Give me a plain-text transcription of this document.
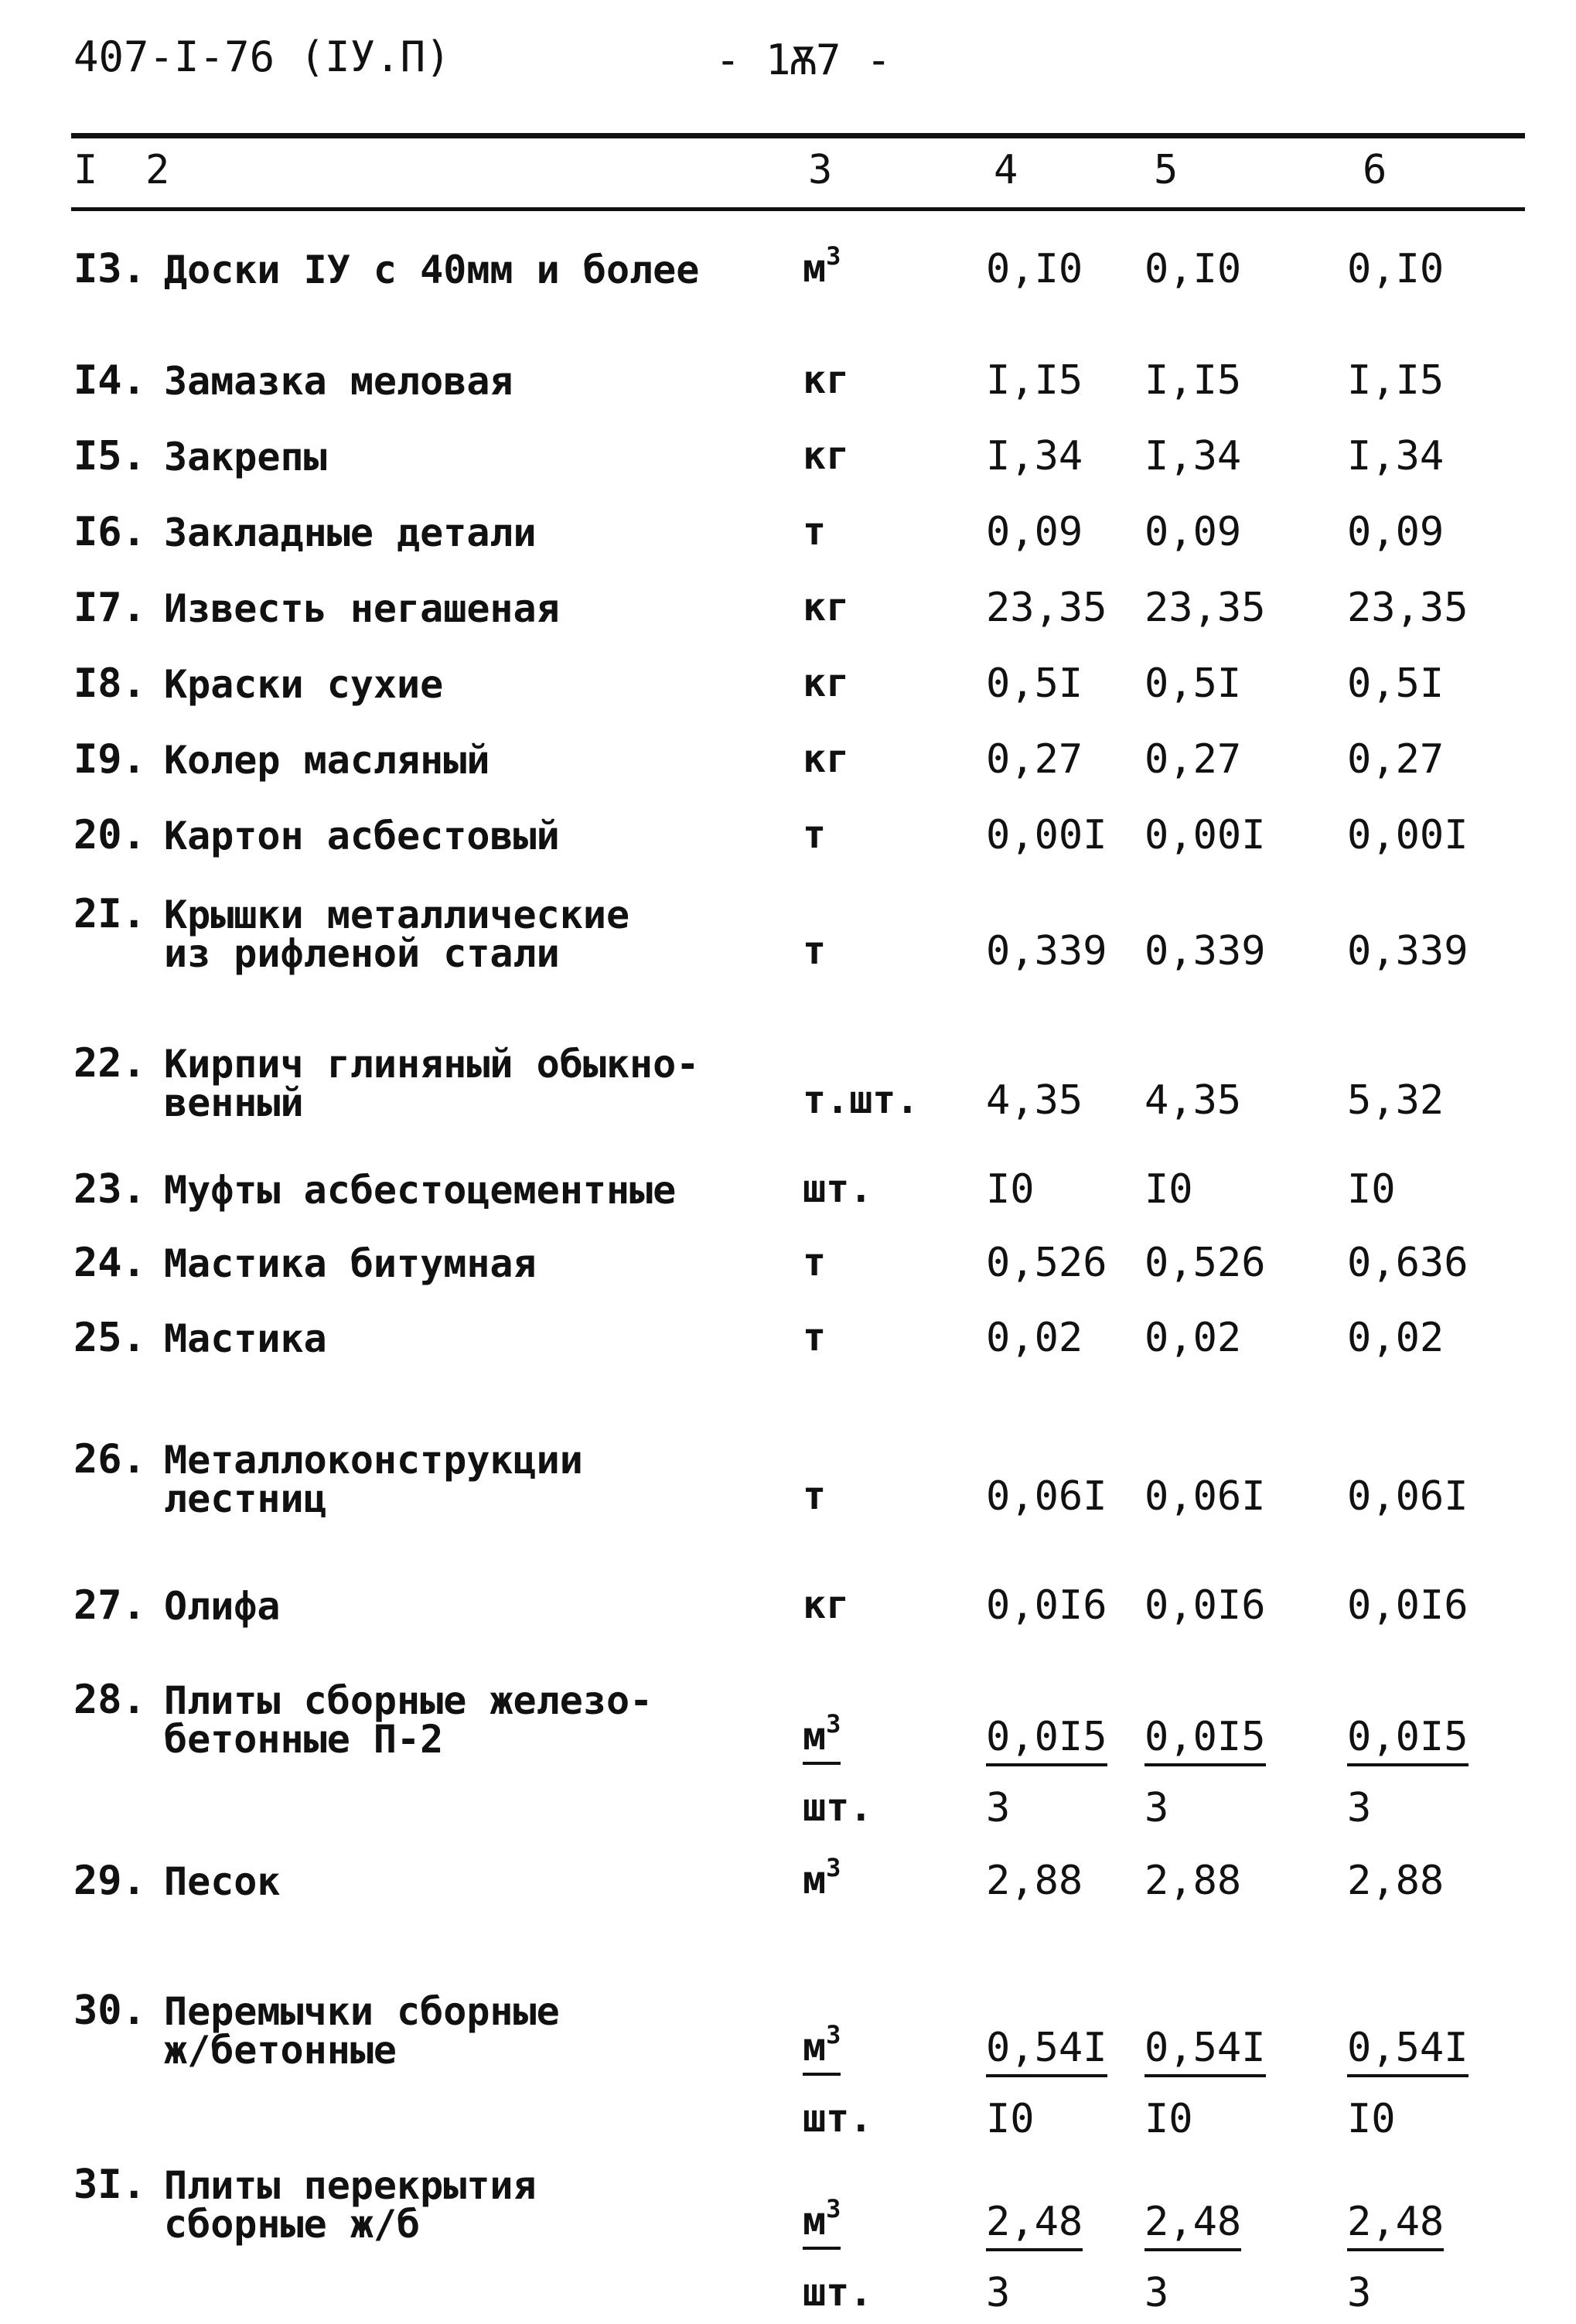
407-I-76 (IУ.П)	- 1Ѫ7 -
I 2	3	4	5	6
I3. Доски IУ с 40мм и более	$м^3$	0,I0 0,I0	0,I0
I4. Замазка меловая	кг	I,I5 I,I5	I,I5
I5. Закрепы	кг	I,34 I,34	I,34
I6. Закладные детали	т	0,09 0,09	0,09
I7. Известь негашеная	кг	23,35 23,35 23,35
I8. Краски сухие	кг	0,5I 0,5I	0,5I
I9. Колер масляный	кг	0,27 0,27	0,27
20. Картон асбестовый	т	0,00I 0,00I 0,00I
2I. Крышки металлические
из рифленой стали	т	0,339 0,339 0,339
22. Кирпич глиняный обыкно-
венный	т.шт. 4,35 4,35	5,32
23. Муфты асбестоцементные	шт.	I0	I0	I0
24. Мастика битумная	т	0,526 0,526 0,636
25. Мастика	т	0,02 0,02	0,02
26. Металлоконструкции
лестниц	т	0,06I 0,06I 0,06I
27. Олифа	кг	0,0I6 0,0I6 0,0I6
28. Плиты сборные железо-
бетонные П-2	$м^3$	0,0I5 0,0I5 0,0I5
шт.	3	3	3
29. Песок	$м^3$	2,88 2,88	2,88
30. Перемычки сборные
ж/бетонные	$м^3$	0,54I 0,54I 0,54I
шт.	I0	I0	I0
3I. Плиты перекрытия
сборные ж/б	$м^3$	2,48 2,48	2,48
шт.	3	3	3
